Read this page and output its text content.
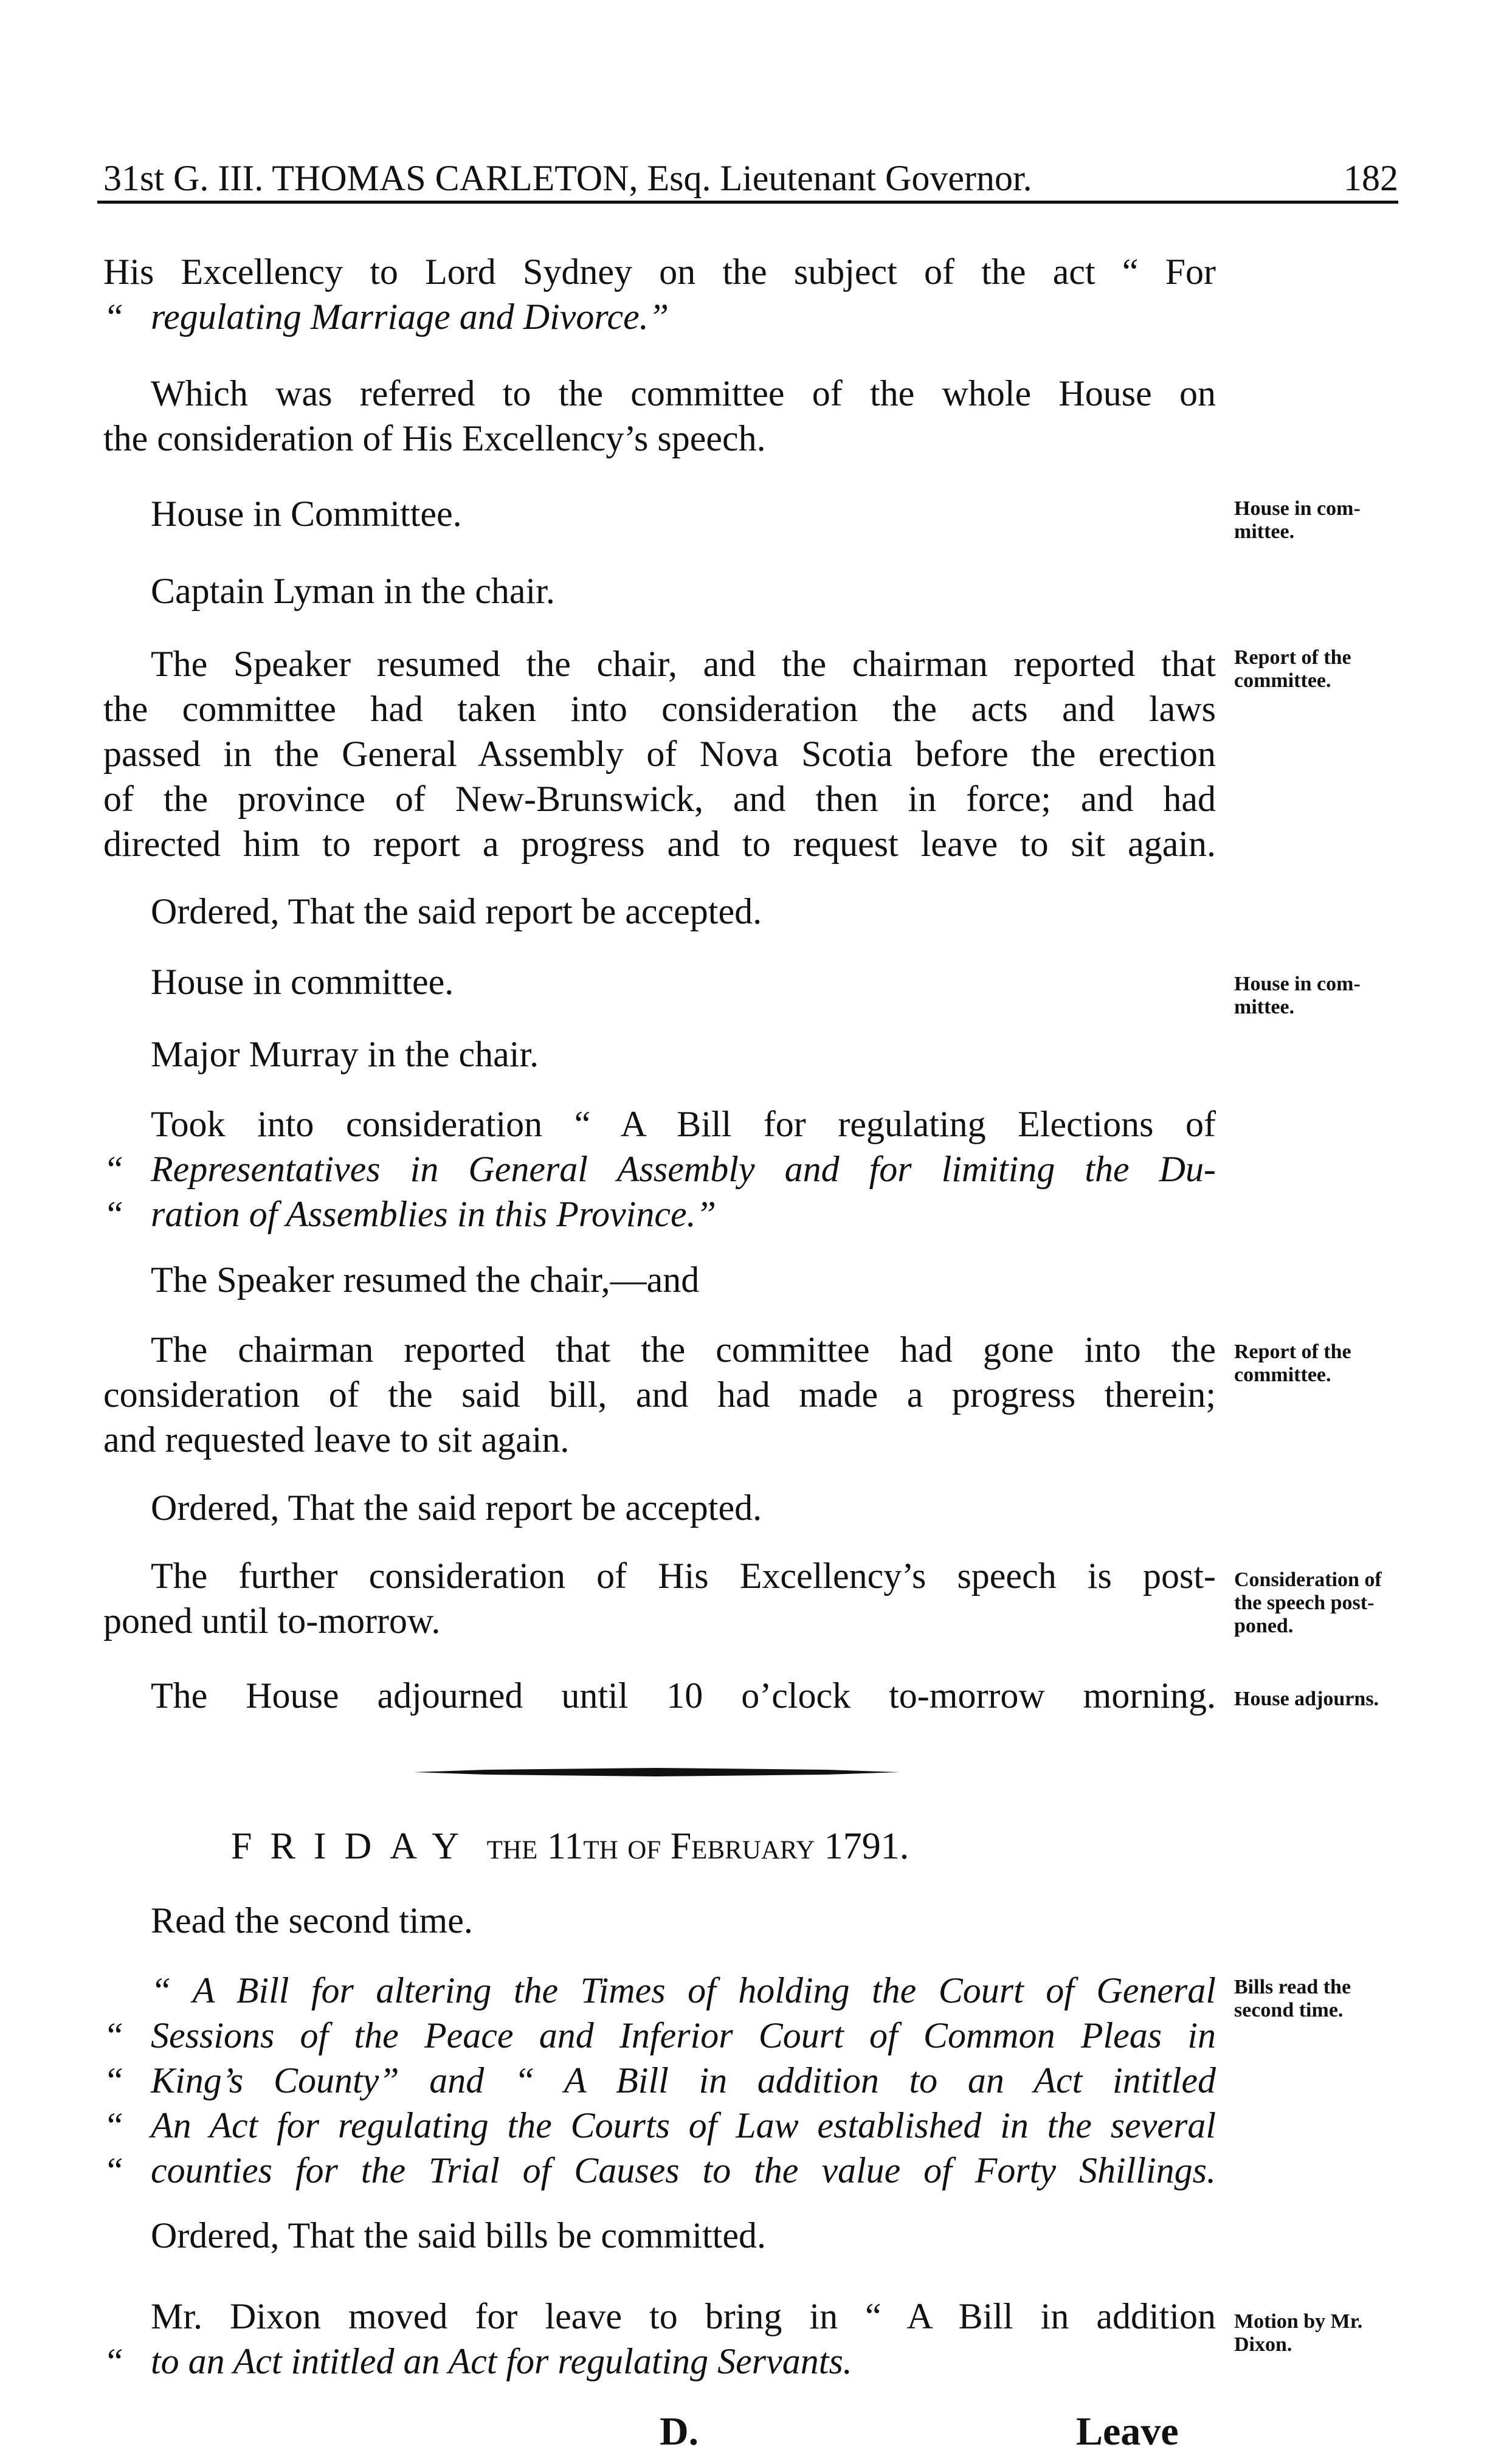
31st G. III. THOMAS CARLETON, Esq. Lieutenant Governor.	182

His Excellency to Lord Sydney on the subject of the act “ For

“ regulating Marriage and Divorce.”

Which was referred to the committee of the whole House on

the consideration of His Excellency’s speech.

House in Committee.	House in com-mittee.

Captain Lyman in the chair.

The Speaker resumed the chair, and the chairman reported that

the committee had taken into consideration the acts and laws

passed in the General Assembly of Nova Scotia before the erection

of the province of New-Brunswick, and then in force; and had

directed him to report a progress and to request leave to sit again.

Report of the committee.

Ordered, That the said report be accepted.

House in committee.	House in com-mittee.

Major Murray in the chair.

Took into consideration “ A Bill for regulating Elections of

“ Representatives in General Assembly and for limiting the Du-

“ ration of Assemblies in this Province.”

The Speaker resumed the chair,—and

The chairman reported that the committee had gone into the

consideration of the said bill, and had made a progress therein;

and requested leave to sit again.

Report of the committee.

Ordered, That the said report be accepted.

The further consideration of His Excellency’s speech is post-

poned until to-morrow.

Consideration of the speech post-poned.

The House adjourned until 10 o’clock to-morrow morning. House adjourns.
FRIDAY the 11th of February 1791.

Read the second time.

“ A Bill for altering the Times of holding the Court of General

“ Sessions of the Peace and Inferior Court of Common Pleas in

“ King’s County” and “ A Bill in addition to an Act intitled

“ An Act for regulating the Courts of Law established in the several

“ counties for the Trial of Causes to the value of Forty Shillings.

Bills read the second time.

Ordered, That the said bills be committed.

Mr. Dixon moved for leave to bring in “ A Bill in addition

“ to an Act intitled an Act for regulating Servants.

Motion by Mr. Dixon.
D.	Leave
